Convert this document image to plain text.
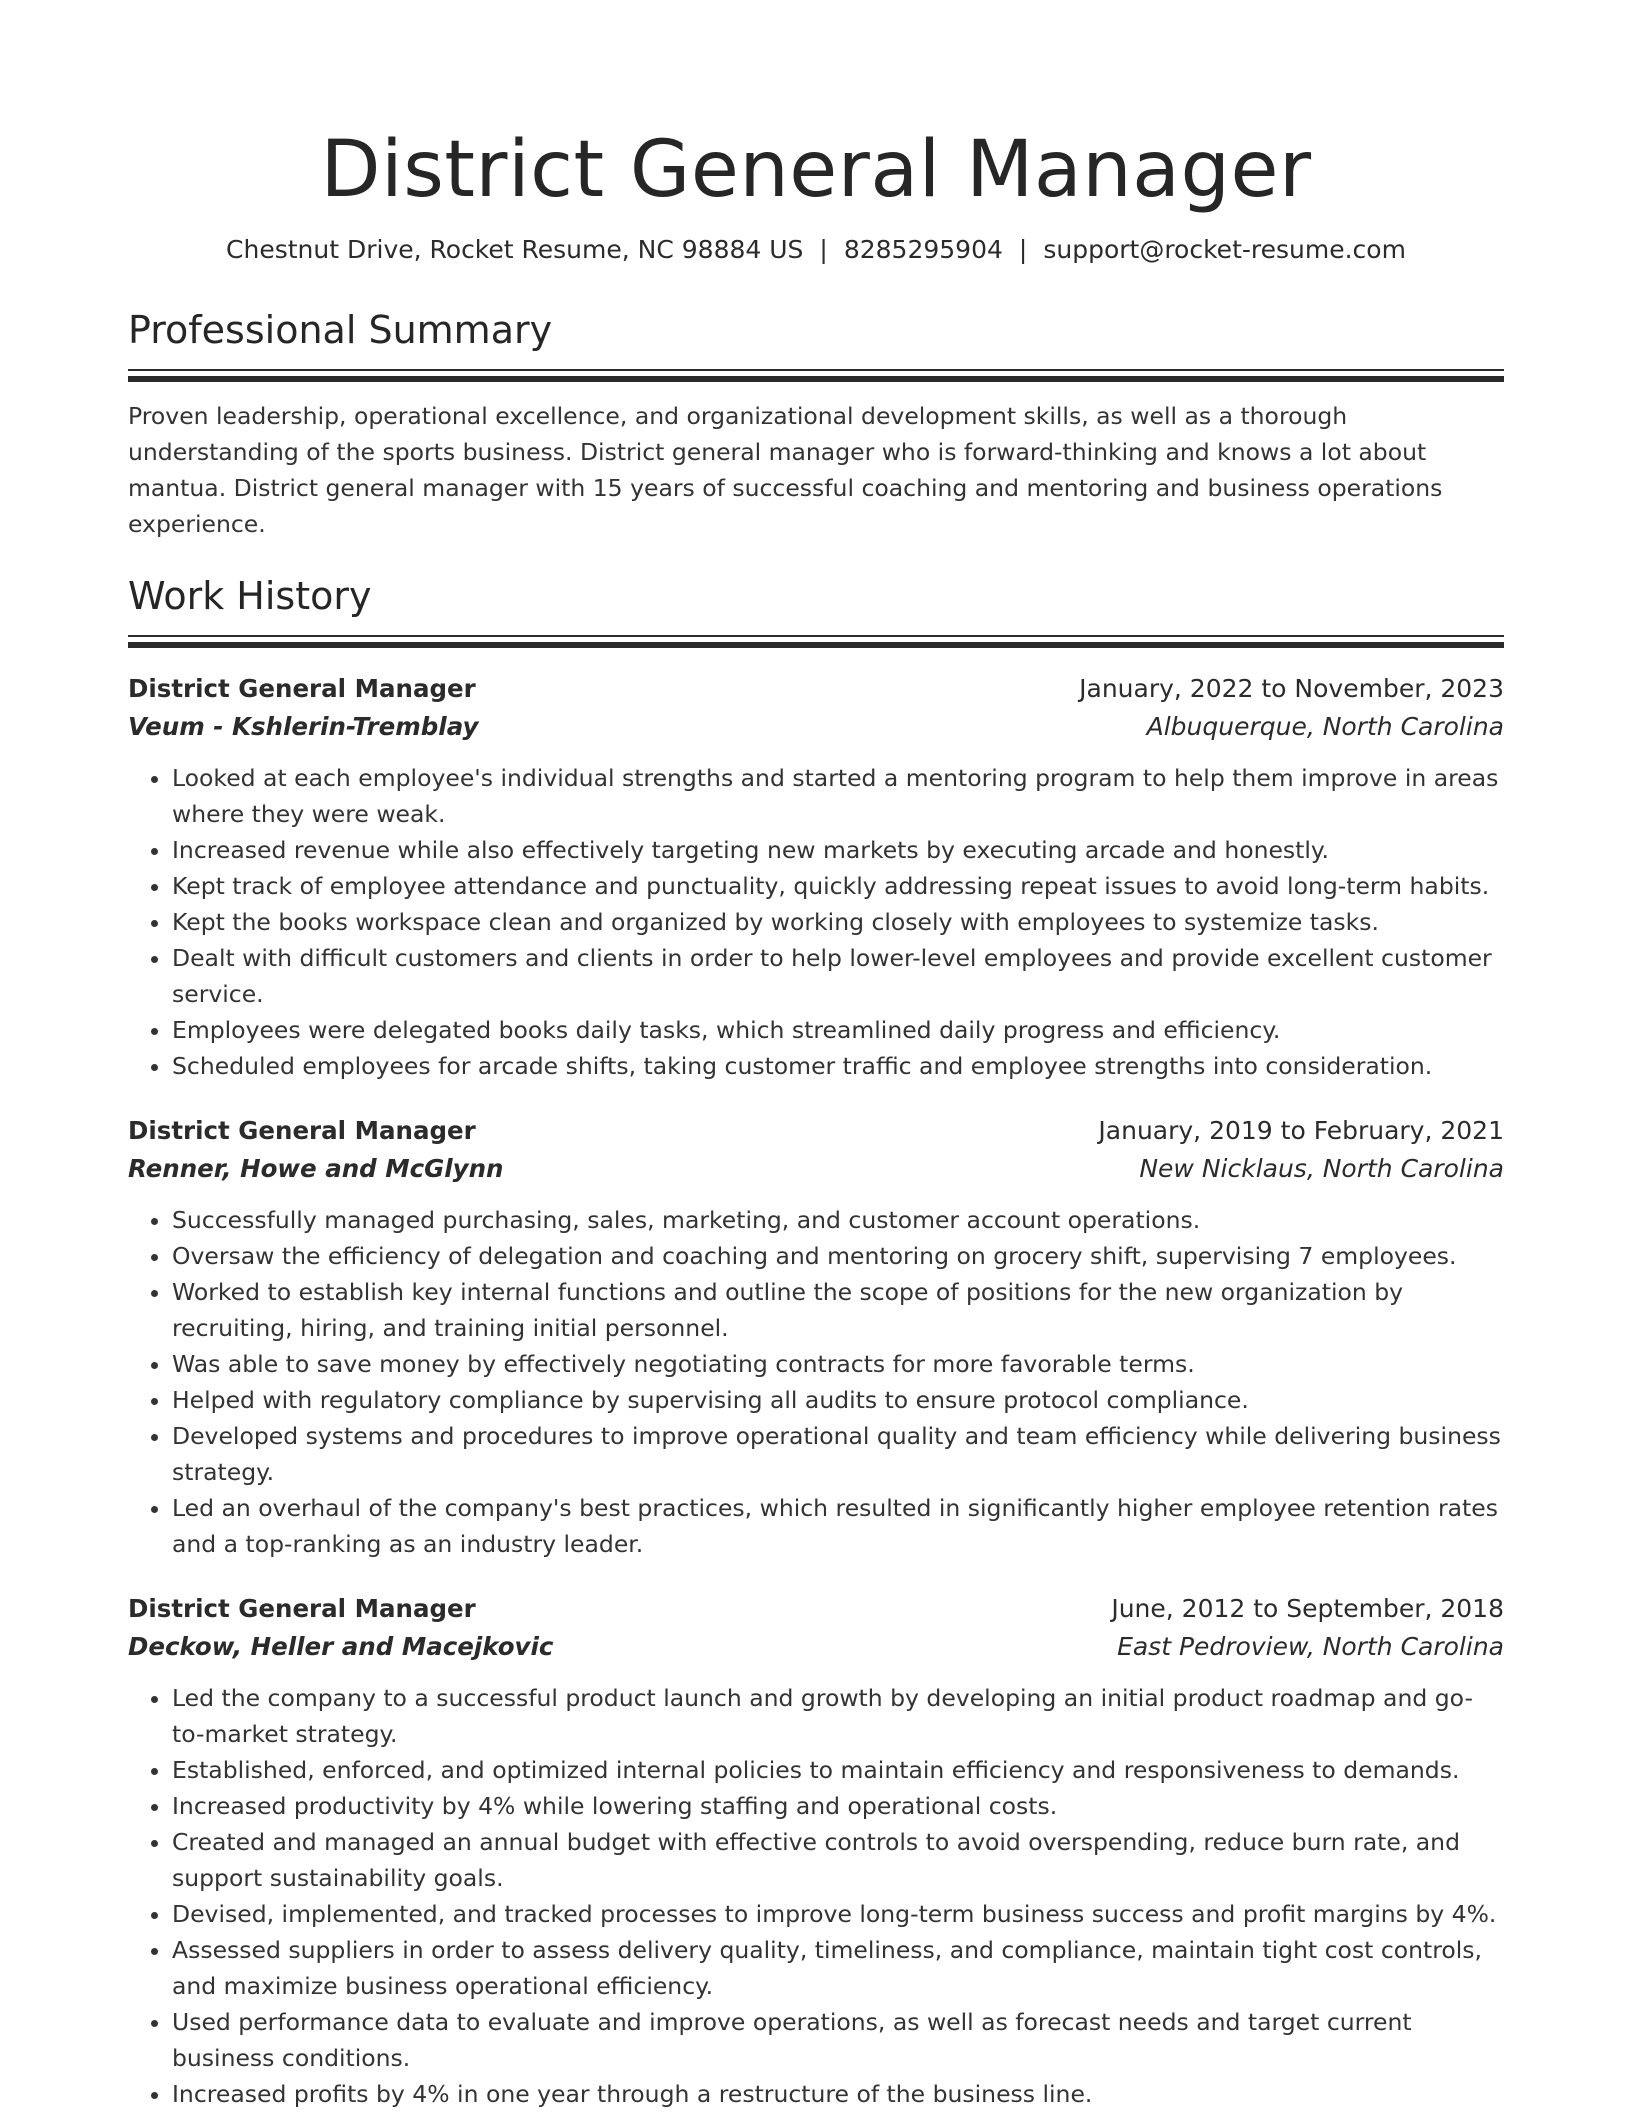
District General Manager
Chestnut Drive, Rocket Resume, NC 98884 US | 8285295904 | support@rocket-resume.com
Professional Summary

Proven leadership, operational excellence, and organizational development skills, as well as a thorough understanding of the sports business. District general manager who is forward-thinking and knows a lot about mantua. District general manager with 15 years of successful coaching and mentoring and business operations experience.

Work History
District General Manager	January, 2022 to November, 2023
Veum - Kshlerin-Tremblay	Albuquerque, North Carolina
• Looked at each employee's individual strengths and started a mentoring program to help them improve in areas where they were weak.
• Increased revenue while also effectively targeting new markets by executing arcade and honestly.
• Kept track of employee attendance and punctuality, quickly addressing repeat issues to avoid long-term habits.
• Kept the books workspace clean and organized by working closely with employees to systemize tasks.
• Dealt with difficult customers and clients in order to help lower-level employees and provide excellent customer service.
• Employees were delegated books daily tasks, which streamlined daily progress and efficiency.
• Scheduled employees for arcade shifts, taking customer traffic and employee strengths into consideration.
District General Manager	January, 2019 to February, 2021
Renner, Howe and McGlynn	New Nicklaus, North Carolina
• Successfully managed purchasing, sales, marketing, and customer account operations.
• Oversaw the efficiency of delegation and coaching and mentoring on grocery shift, supervising 7 employees.
• Worked to establish key internal functions and outline the scope of positions for the new organization by recruiting, hiring, and training initial personnel.
• Was able to save money by effectively negotiating contracts for more favorable terms.
• Helped with regulatory compliance by supervising all audits to ensure protocol compliance.
• Developed systems and procedures to improve operational quality and team efficiency while delivering business strategy.
• Led an overhaul of the company's best practices, which resulted in significantly higher employee retention rates and a top-ranking as an industry leader.
District General Manager	June, 2012 to September, 2018
Deckow, Heller and Macejkovic	East Pedroview, North Carolina
• Led the company to a successful product launch and growth by developing an initial product roadmap and go-to-market strategy.
• Established, enforced, and optimized internal policies to maintain efficiency and responsiveness to demands.
• Increased productivity by 4% while lowering staffing and operational costs.
• Created and managed an annual budget with effective controls to avoid overspending, reduce burn rate, and support sustainability goals.
• Devised, implemented, and tracked processes to improve long-term business success and profit margins by 4%.
• Assessed suppliers in order to assess delivery quality, timeliness, and compliance, maintain tight cost controls, and maximize business operational efficiency.
• Used performance data to evaluate and improve operations, as well as forecast needs and target current business conditions.
• Increased profits by 4% in one year through a restructure of the business line.
